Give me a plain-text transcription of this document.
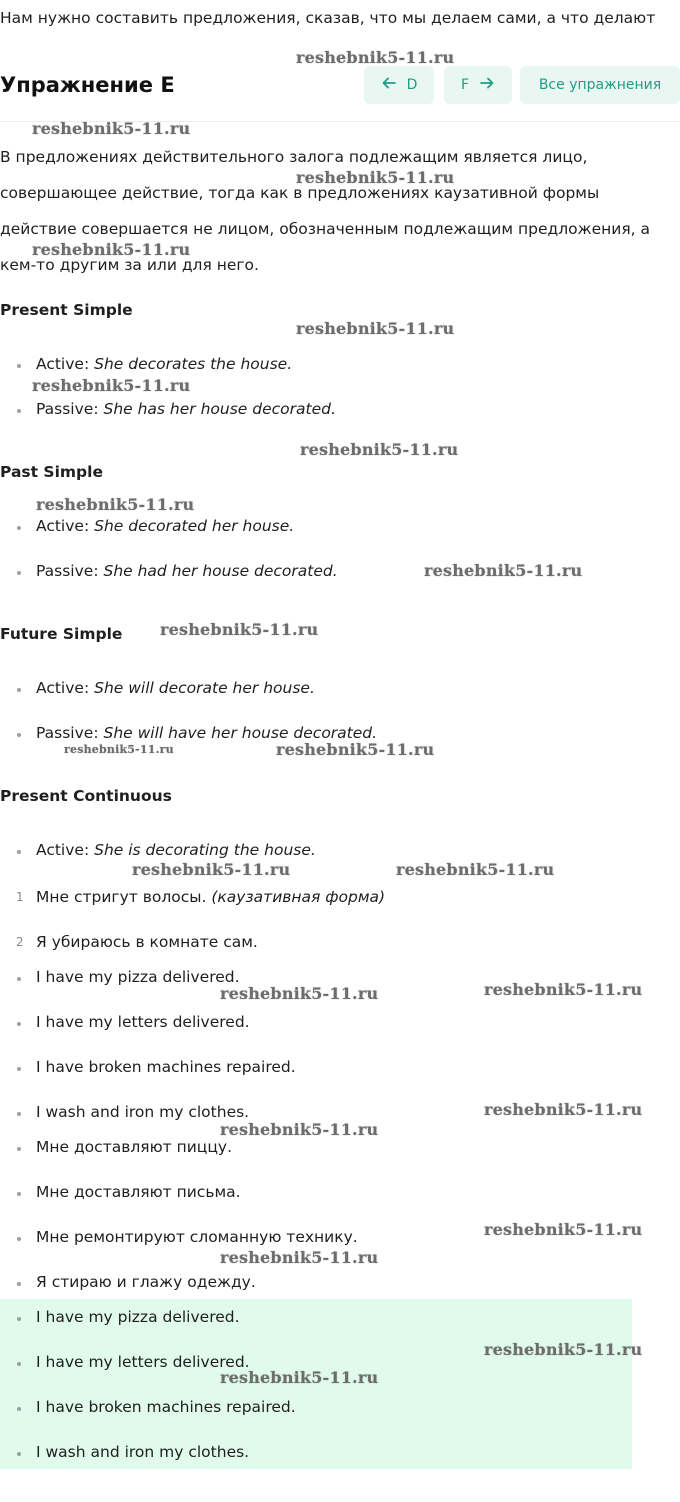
Нам нужно составить предложения, сказав, что мы делаем сами, а что делают
Упражнение E	D	F	Все упражнения
В предложениях действительного залога подлежащим является лицо,
совершающее действие, тогда как в предложениях каузативной формы
действие совершается не лицом, обозначенным подлежащим предложения, а
кем-то другим за или для него.
Present Simple
Active: She decorates the house.
Passive: She has her house decorated.
Past Simple
Active: She decorated her house.
Passive: She had her house decorated.
Future Simple
Active: She will decorate her house.
Passive: She will have her house decorated.
Present Continuous
Active: She is decorating the house.
1 Мне стригут волосы. (каузативная форма)
2 Я убираюсь в комнате сам.
I have my pizza delivered.
I have my letters delivered.
I have broken machines repaired.
I wash and iron my clothes.
Мне доставляют пиццу.
Мне доставляют письма.
Мне ремонтируют сломанную технику.
Я стираю и глажу одежду.
I have my pizza delivered.
I have my letters delivered.
I have broken machines repaired.
I wash and iron my clothes.
reshebnik5-11.ru
reshebnik5-11.ru
reshebnik5-11.ru
reshebnik5-11.ru
reshebnik5-11.ru
reshebnik5-11.ru
reshebnik5-11.ru
reshebnik5-11.ru
reshebnik5-11.ru
reshebnik5-11.ru
reshebnik5-11.ru	reshebnik5-11.ru
reshebnik5-11.ru	reshebnik5-11.ru
reshebnik5-11.ru	reshebnik5-11.ru
reshebnik5-11.ru
reshebnik5-11.ru
reshebnik5-11.ru
reshebnik5-11.ru
reshebnik5-11.ru
reshebnik5-11.ru
